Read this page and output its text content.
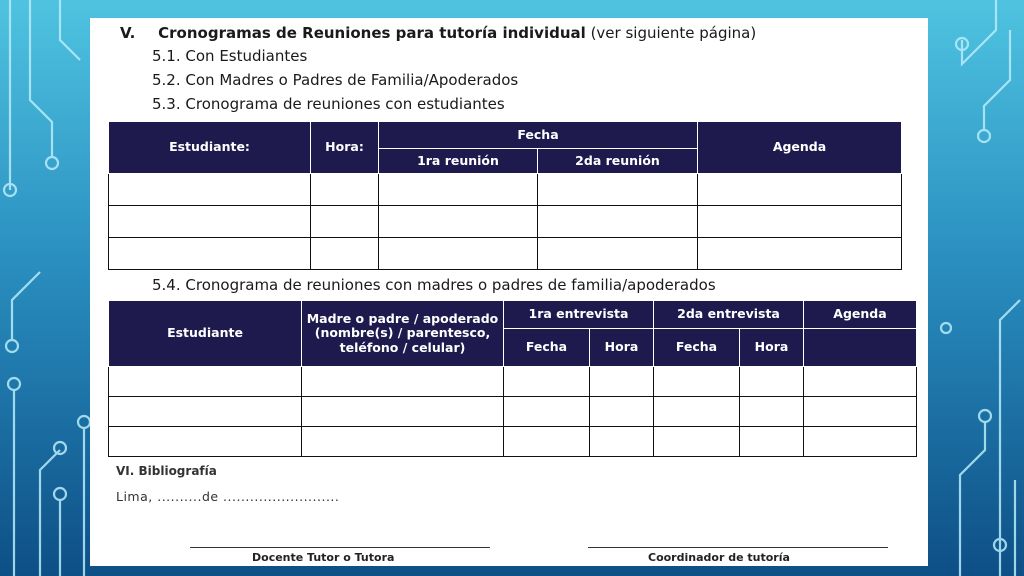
V. Cronogramas de Reuniones para tutoría individual (ver siguiente página)
5.1. Con Estudiantes
5.2. Con Madres o Padres de Familia/Apoderados
5.3. Cronograma de reuniones con estudiantes
Estudiante:	Hora:	Fecha		Agenda
		1ra reunión	2da reunión	

5.4. Cronograma de reuniones con madres o padres de familia/apoderados
Estudiante	Madre o padre / apoderado (nombre(s) / parentesco, teléfono / celular)	1ra entrevista		2da entrevista		Agenda
		Fecha	Hora	Fecha	Hora	

VI. Bibliografía
Lima, ..........de ..........................
Docente Tutor o Tutora	Coordinador de tutoría
